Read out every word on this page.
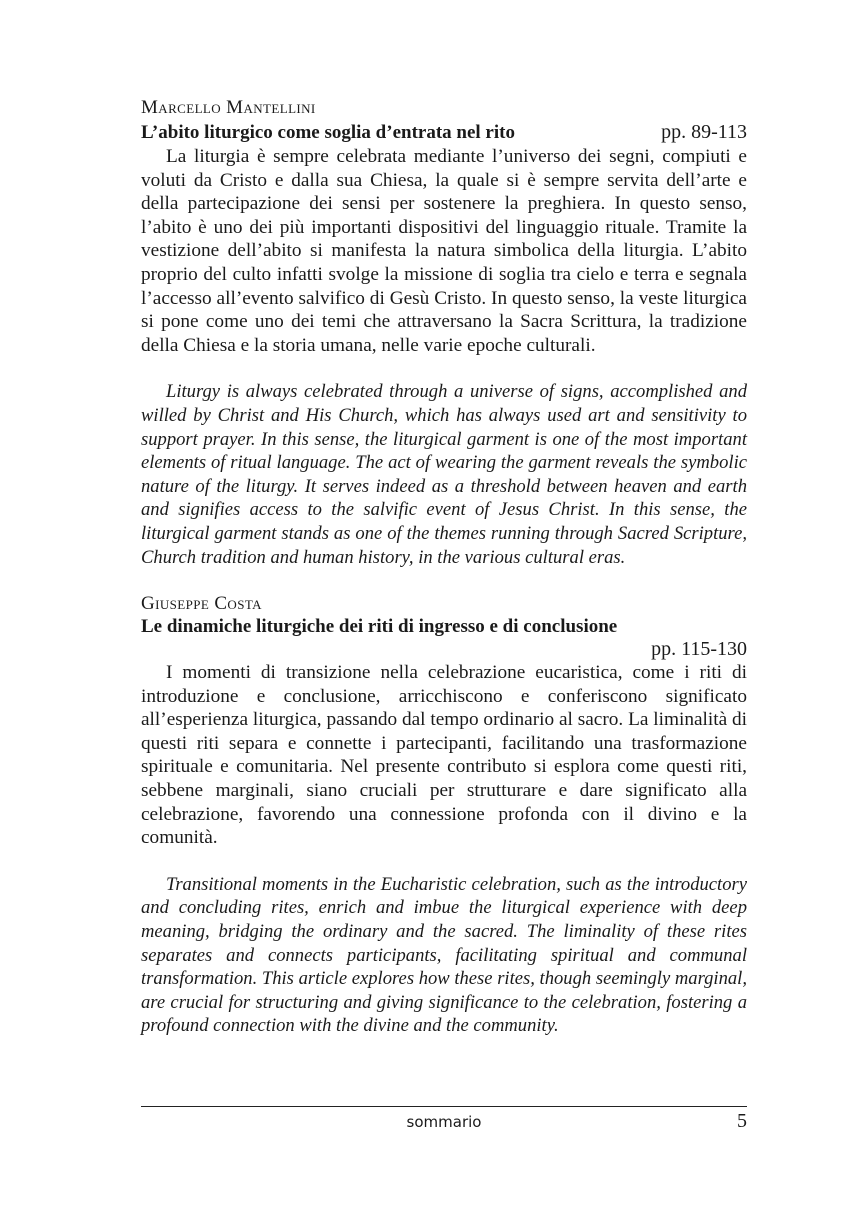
Marcello Mantellini
L’abito liturgico come soglia d’entrata nel rito	pp. 89-113

La liturgia è sempre celebrata mediante l’universo dei segni, compiuti e voluti da Cristo e dalla sua Chiesa, la quale si è sempre servita dell’arte e della partecipazione dei sensi per sostenere la preghiera. In questo senso, l’abito è uno dei più importanti dispositivi del linguaggio rituale. Tramite la vestizione dell’abito si manifesta la natura simbolica della liturgia. L’abito proprio del culto infatti svolge la missione di soglia tra cielo e terra e segnala l’accesso all’evento salvifico di Gesù Cristo. In questo senso, la veste liturgica si pone come uno dei temi che attraversano la Sacra Scrittura, la tradizione della Chiesa e la storia umana, nelle varie epoche culturali.

Liturgy is always celebrated through a universe of signs, accomplished and willed by Christ and His Church, which has always used art and sensitivity to support prayer. In this sense, the liturgical garment is one of the most important elements of ritual language. The act of wearing the garment reveals the symbolic nature of the liturgy. It serves indeed as a threshold between heaven and earth and signifies access to the salvific event of Jesus Christ. In this sense, the liturgical garment stands as one of the themes running through Sacred Scripture, Church tradition and human history, in the various cultural eras.

Giuseppe Costa
Le dinamiche liturgiche dei riti di ingresso e di conclusione
pp. 115-130

I momenti di transizione nella celebrazione eucaristica, come i riti di introduzione e conclusione, arricchiscono e conferiscono significato all’esperienza liturgica, passando dal tempo ordinario al sacro. La liminalità di questi riti separa e connette i partecipanti, facilitando una trasformazione spirituale e comunitaria. Nel presente contributo si esplora come questi riti, sebbene marginali, siano cruciali per strutturare e dare significato alla celebrazione, favorendo una connessione profonda con il divino e la comunità.

Transitional moments in the Eucharistic celebration, such as the introductory and concluding rites, enrich and imbue the liturgical experience with deep meaning, bridging the ordinary and the sacred. The liminality of these rites separates and connects participants, facilitating spiritual and communal transformation. This article explores how these rites, though seemingly marginal, are crucial for structuring and giving significance to the celebration, fostering a profound connection with the divine and the community.

sommario	5
